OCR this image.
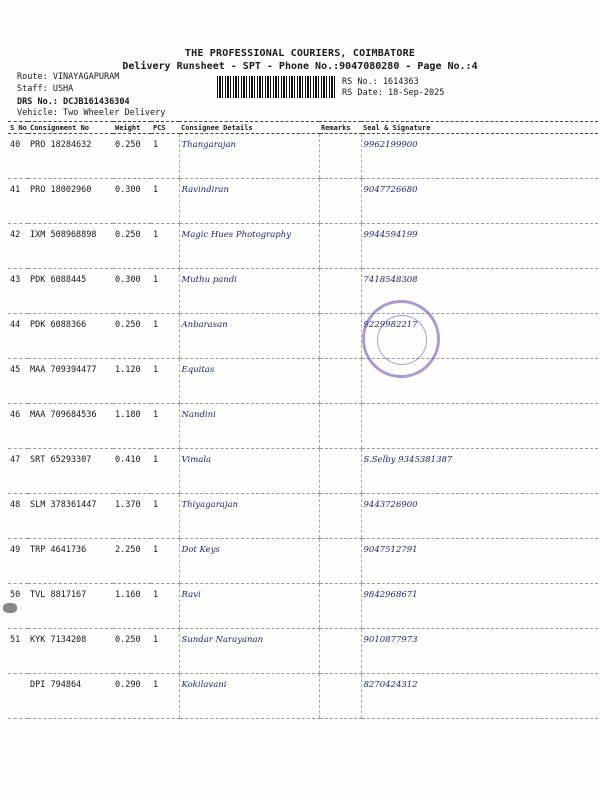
THE PROFESSIONAL COURIERS, COIMBATORE
Delivery Runsheet - SPT - Phone No.:9047080280 - Page No.:4
Route: VINAYAGAPURAM
Staff: USHA
DRS No.: DCJB161436304
Vehicle: Two Wheeler Delivery
RS No.: 1614363
RS Date: 18-Sep-2025
S No	Consignment No	Weight	PCS	Consignee Details	Remarks	Seal & Signature
40	PRO 18284632	0.250	1	Thangarajan		9962199900
41	PRO 18002960	0.300	1	Ravindiran		9047726680
42	IXM 508968898	0.250	1	Magic Hues Photography		9944594199
43	PDK 6088445	0.300	1	Muthu pandi		7418548308
44	PDK 6088366	0.250	1	Anbarasan		9229982217
45	MAA 709394477	1.120	1	Equitas		
46	MAA 709684536	1.180	1	Nandini		
47	SRT 65293307	0.410	1	Vimala		S.Selby 9345381387
48	SLM 378361447	1.370	1	Thiyagarajan		9443726900
49	TRP 4641736	2.250	1	Dot Keys		9047512791
50	TVL 8817167	1.160	1	Ravi		9842968671
51	KYK 7134208	0.250	1	Sundar Narayanan		9010877973
	DPI 794864	0.290	1	Kokilavani		8270424312
